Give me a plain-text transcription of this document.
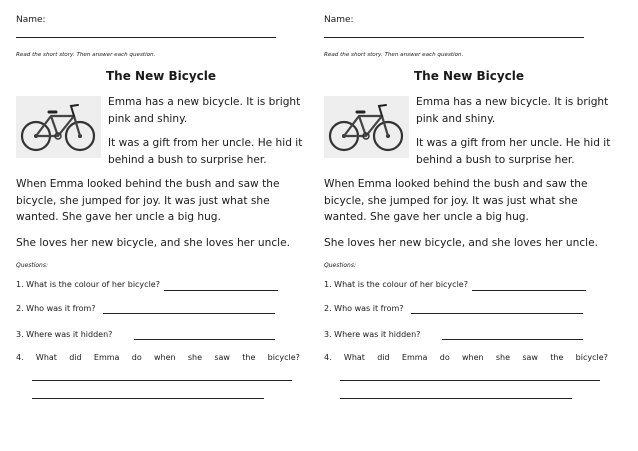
Name:
Read the short story. Then answer each question.
The New Bicycle
Emma has a new bicycle. It is bright pink and shiny.
It was a gift from her uncle. He hid it behind a bush to surprise her.
When Emma looked behind the bush and saw the bicycle, she jumped for joy. It was just what she wanted. She gave her uncle a big hug.
She loves her new bicycle, and she loves her uncle.
Questions:
1. What is the colour of her bicycle?
2. Who was it from?
3. Where was it hidden?
4. What did Emma do when she saw the bicycle?
Name:
Read the short story. Then answer each question.
The New Bicycle
Emma has a new bicycle. It is bright pink and shiny.
It was a gift from her uncle. He hid it behind a bush to surprise her.
When Emma looked behind the bush and saw the bicycle, she jumped for joy. It was just what she wanted. She gave her uncle a big hug.
She loves her new bicycle, and she loves her uncle.
Questions:
1. What is the colour of her bicycle?
2. Who was it from?
3. Where was it hidden?
4. What did Emma do when she saw the bicycle?
